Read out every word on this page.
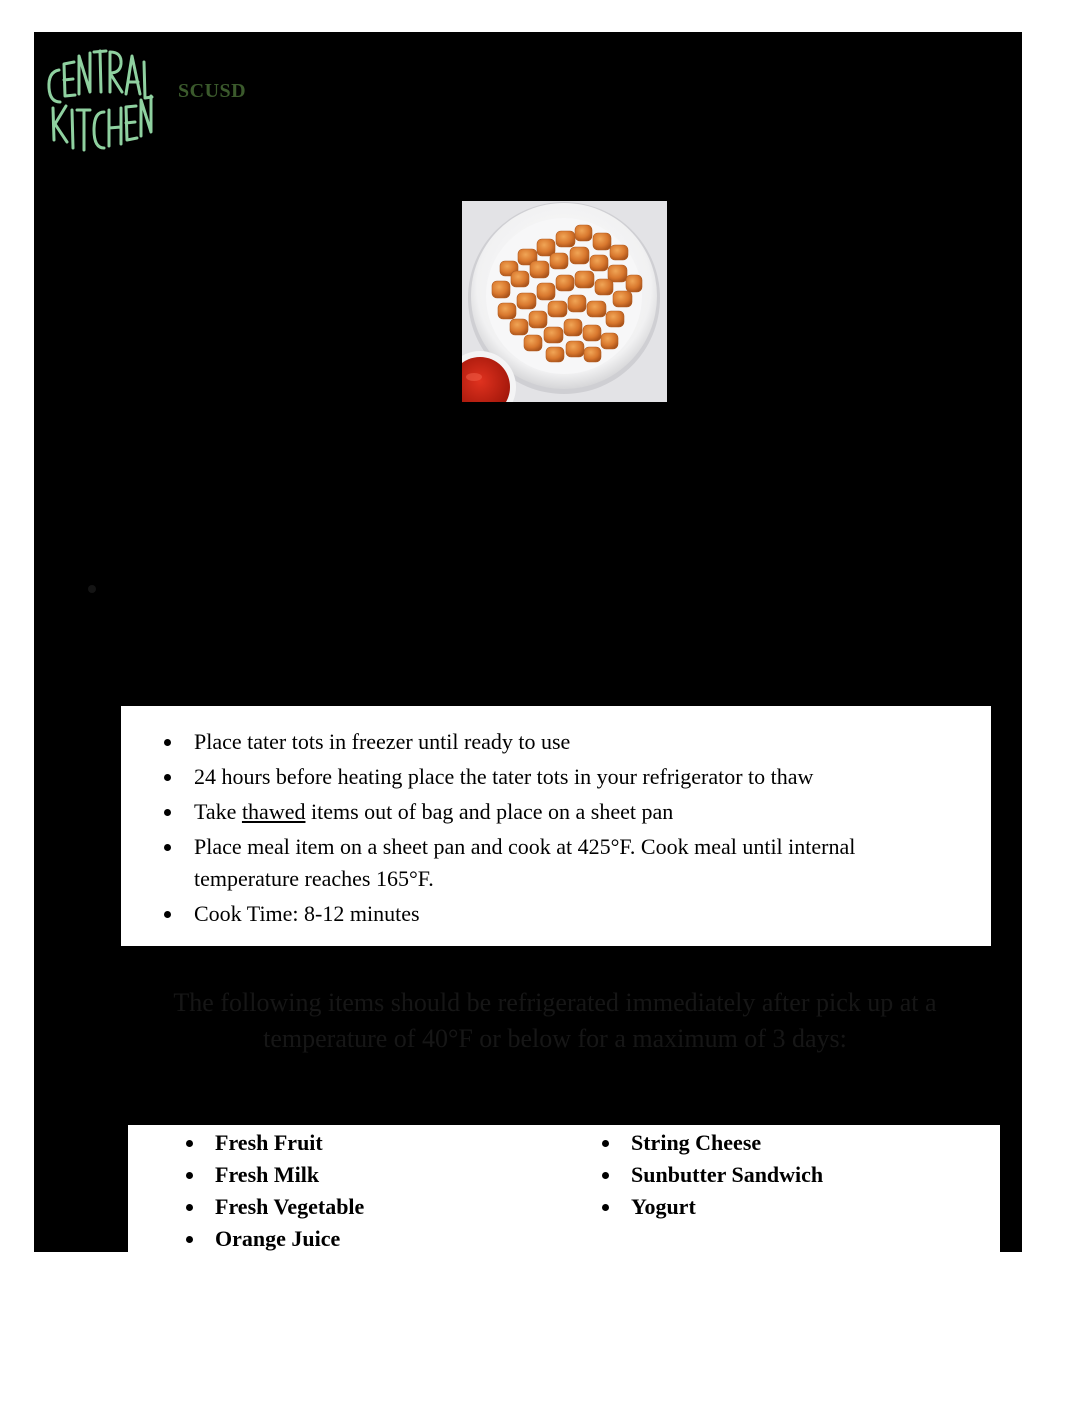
SCUSD
Place tater tots in freezer until ready to use
24 hours before heating place the tater tots in your refrigerator to thaw
Take thawed items out of bag and place on a sheet pan
Place meal item on a sheet pan and cook at 425°F. Cook meal until internal temperature reaches 165°F.
Cook Time: 8-12 minutes
The following items should be refrigerated immediately after pick up at a temperature of 40°F or below for a maximum of 3 days:
Fresh Fruit
Fresh Milk
Fresh Vegetable
Orange Juice
String Cheese
Sunbutter Sandwich
Yogurt
